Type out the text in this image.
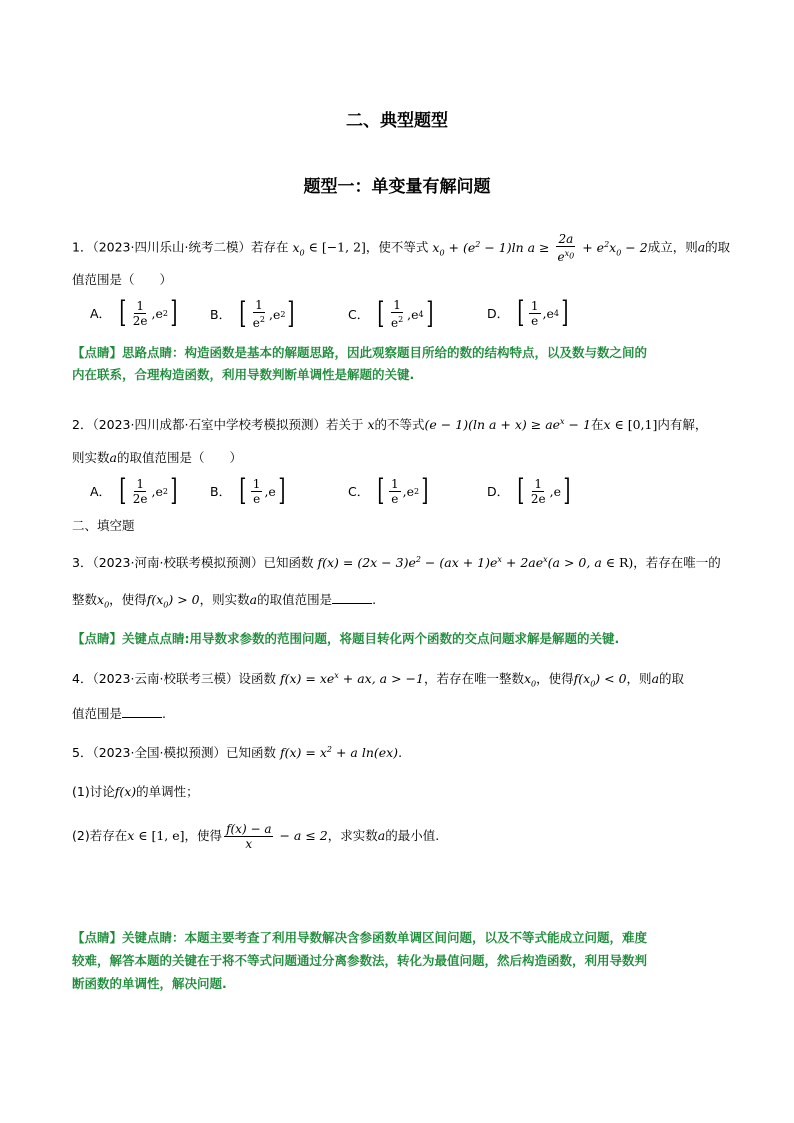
二、典型题型
题型一：单变量有解问题
1．（2023·四川乐山·统考二模）若存在 $x_0$ ∈ [−1, 2]，使不等式 $x_0 + (e^2 - 1)\ln$ $a \ge \frac{2a}{e^{x_0}} + e^2x_0 - 2$成立，则a的取
值范围是（　　）
A． [ $\frac{1}{2e}$ , e 2 ]	B． [ $\frac{1}{e^2}$ , e 2 ]	C． [ $\frac{1}{e^2}$ , e 4 ]	D． [ $\frac{1}{e}$ , e 4 ]
【点睛】思路点睛：构造函数是基本的解题思路，因此观察题目所给的数的结构特点，以及数与数之间的
内在联系，合理构造函数，利用导数判断单调性是解题的关键.
2．（2023·四川成都·石室中学校考模拟预测）若关于 x的不等式(e − 1)(ln $a + x) \ge ae^x - 1$在x ∈ [0,1]内有解，
则实数a的取值范围是（　　）
A． [ $\frac{1}{2e}$ , e 2 ]	B． [ $\frac{1}{e}$ , e ]	C． [ $\frac{1}{e}$ , e 2 ]	D． [ $\frac{1}{2e}$ , e ]
二、填空题
3．（2023·河南·校联考模拟预测）已知函数 $f(x) = (2x - 3)e^2 - (ax + 1)e^x + 2ae^x(a > 0$, a ∈ R)，若存在唯一的
整数$x_0$，使得$f(x_0) > 0$，则实数a的取值范围是	.
【点睛】关键点点睛:用导数求参数的范围问题，将题目转化两个函数的交点问题求解是解题的关键.
4．（2023·云南·校联考三模）设函数 $f(x) = xe^x$ + ax, a > −1，若存在唯一整数$x_0$，使得$f(x_0) < 0$，则a的取
值范围是	.
5．（2023·全国·模拟预测）已知函数 $f(x) = x^2 + a$ ln(ex).
(1)讨论f(x)的单调性；
(2)若存在x ∈ [1, e]，使得 $\frac{f(x) - a}{x} - a \le 2$，求实数a的最小值.
【点睛】关键点睛：本题主要考查了利用导数解决含参函数单调区间问题，以及不等式能成立问题，难度
较难，解答本题的关键在于将不等式问题通过分离参数法，转化为最值问题，然后构造函数，利用导数判
断函数的单调性，解决问题.
